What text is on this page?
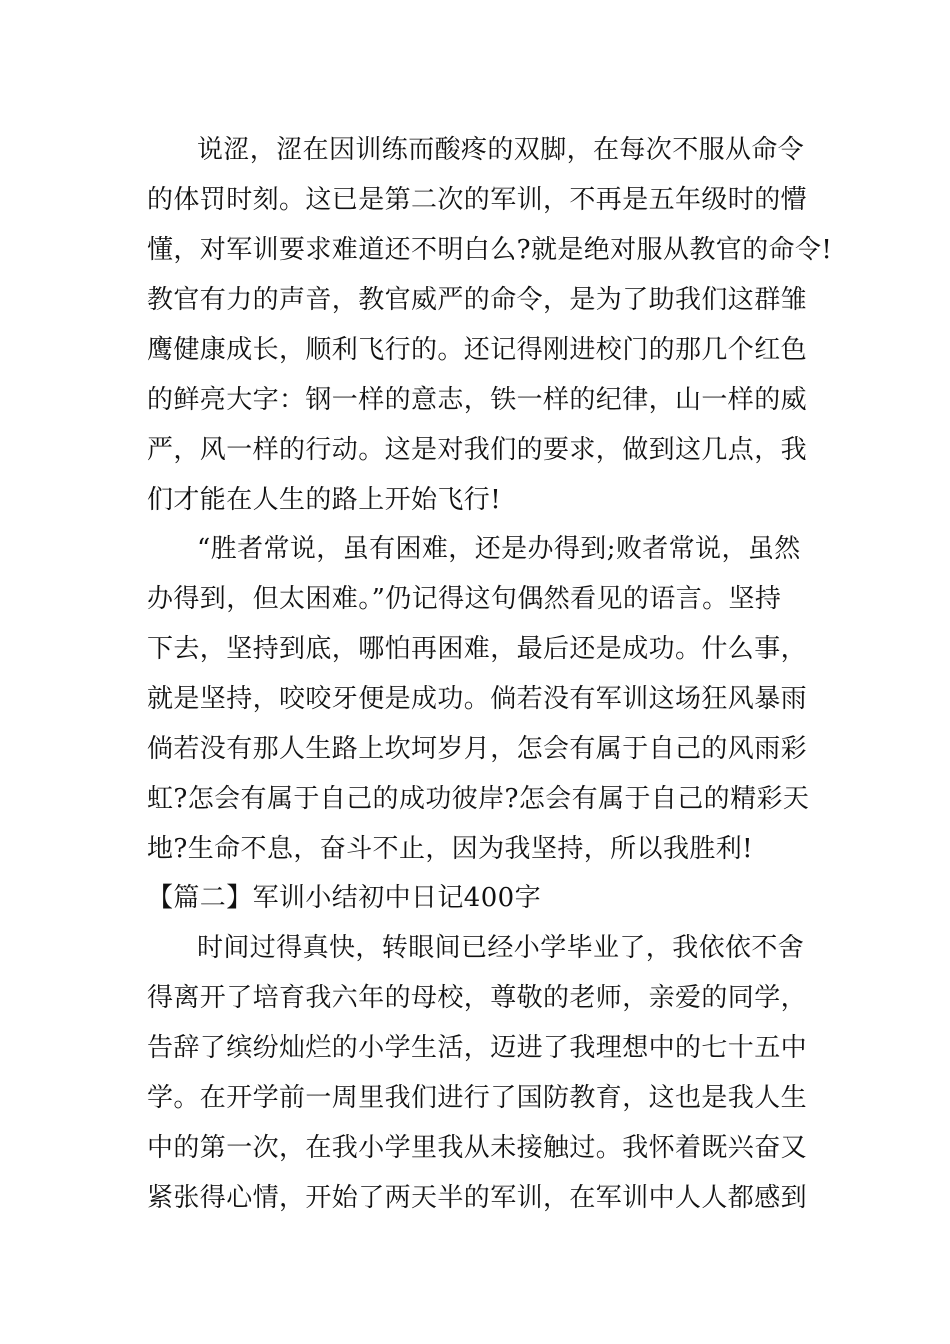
说涩，涩在因训练而酸疼的双脚，在每次不服从命令
的体罚时刻。这已是第二次的军训，不再是五年级时的懵
懂，对军训要求难道还不明白么?就是绝对服从教官的命令!
教官有力的声音，教官威严的命令，是为了助我们这群雏
鹰健康成长，顺利飞行的。还记得刚进校门的那几个红色
的鲜亮大字：钢一样的意志，铁一样的纪律，山一样的威
严，风一样的行动。这是对我们的要求，做到这几点，我
们才能在人生的路上开始飞行!
“胜者常说，虽有困难，还是办得到;败者常说，虽然
办得到，但太困难。”仍记得这句偶然看见的语言。坚持
下去，坚持到底，哪怕再困难，最后还是成功。什么事，
就是坚持，咬咬牙便是成功。倘若没有军训这场狂风暴雨
倘若没有那人生路上坎坷岁月，怎会有属于自己的风雨彩
虹?怎会有属于自己的成功彼岸?怎会有属于自己的精彩天
地?生命不息，奋斗不止，因为我坚持，所以我胜利!
【篇二】军训小结初中日记400字
时间过得真快，转眼间已经小学毕业了，我依依不舍
得离开了培育我六年的母校，尊敬的老师，亲爱的同学，
告辞了缤纷灿烂的小学生活，迈进了我理想中的七十五中
学。在开学前一周里我们进行了国防教育，这也是我人生
中的第一次，在我小学里我从未接触过。我怀着既兴奋又
紧张得心情，开始了两天半的军训，在军训中人人都感到
